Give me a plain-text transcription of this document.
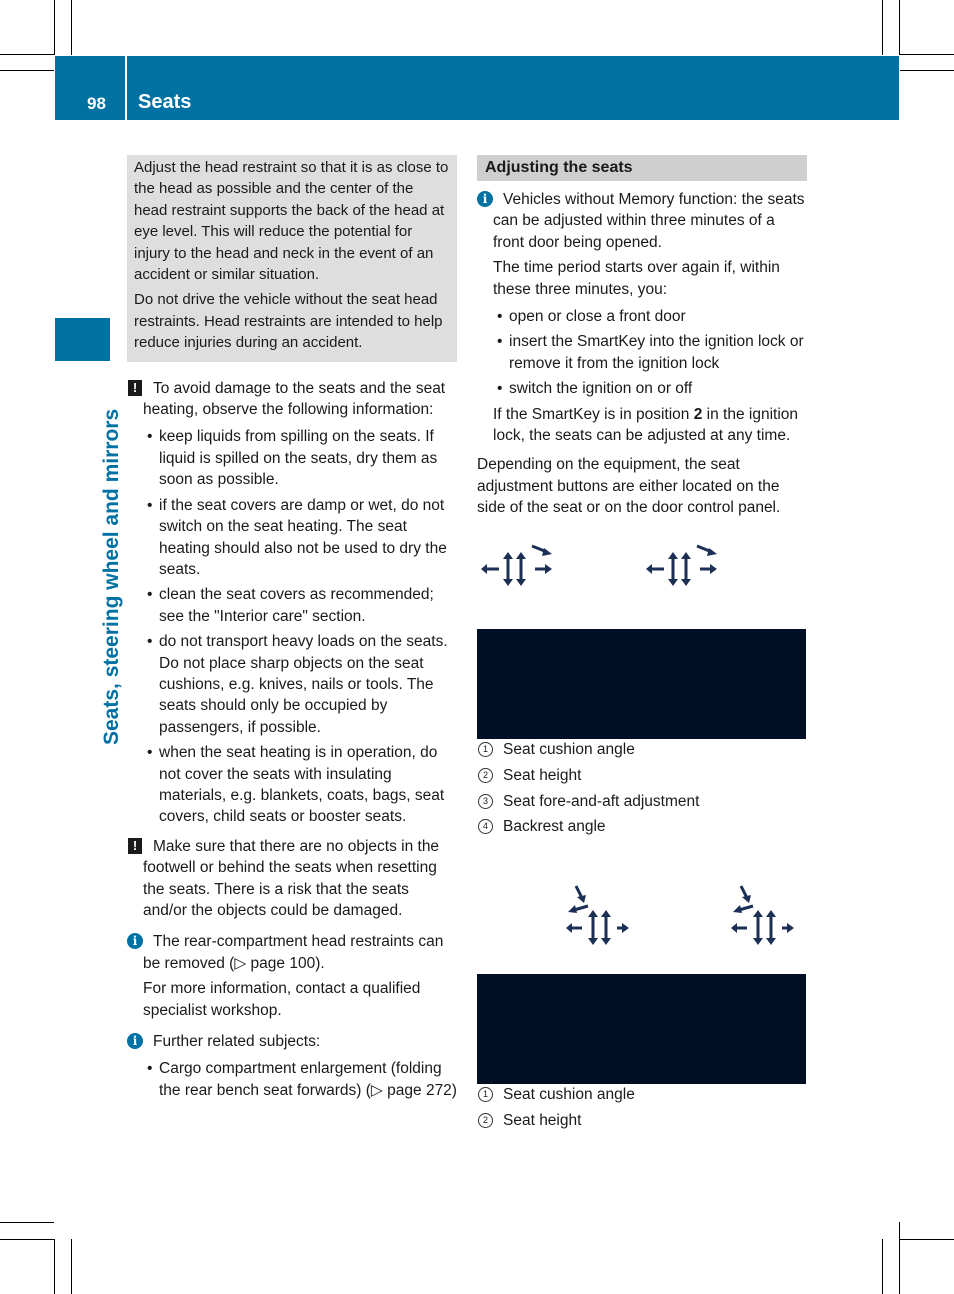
98 Seats
Seats, steering wheel and mirrors

Adjust the head restraint so that it is as close to the head as possible and the center of the head restraint supports the back of the head at eye level. This will reduce the potential for injury to the head and neck in the event of an accident or similar situation.

Do not drive the vehicle without the seat head restraints. Head restraints are intended to help reduce injuries during an accident.

!	To avoid damage to the seats and the seat heating, observe the following information:

• keep liquids from spilling on the seats. If liquid is spilled on the seats, dry them as soon as possible.
• if the seat covers are damp or wet, do not switch on the seat heating. The seat heating should also not be used to dry the seats.
• clean the seat covers as recommended; see the "Interior care" section.
• do not transport heavy loads on the seats. Do not place sharp objects on the seat cushions, e.g. knives, nails or tools. The seats should only be occupied by passengers, if possible.
• when the seat heating is in operation, do not cover the seats with insulating materials, e.g. blankets, coats, bags, seat covers, child seats or booster seats.
!	Make sure that there are no objects in the footwell or behind the seats when resetting the seats. There is a risk that the seats and/or the objects could be damaged.

i	The rear-compartment head restraints can be removed (▷ page 100).

For more information, contact a qualified specialist workshop.

i	Further related subjects:

• Cargo compartment enlargement (folding the rear bench seat forwards) (▷ page 272)
Adjusting the seats
i	Vehicles without Memory function: the seats can be adjusted within three minutes of a front door being opened.

The time period starts over again if, within these three minutes, you:

• open or close a front door
• insert the SmartKey into the ignition lock or remove it from the ignition lock
• switch the ignition on or off

If the SmartKey is in position 2 in the ignition lock, the seats can be adjusted at any time.

Depending on the equipment, the seat adjustment buttons are either located on the side of the seat or on the door control panel.

1 Seat cushion angle
2 Seat height
3 Seat fore-and-aft adjustment
4 Backrest angle
1 Seat cushion angle
2 Seat height
